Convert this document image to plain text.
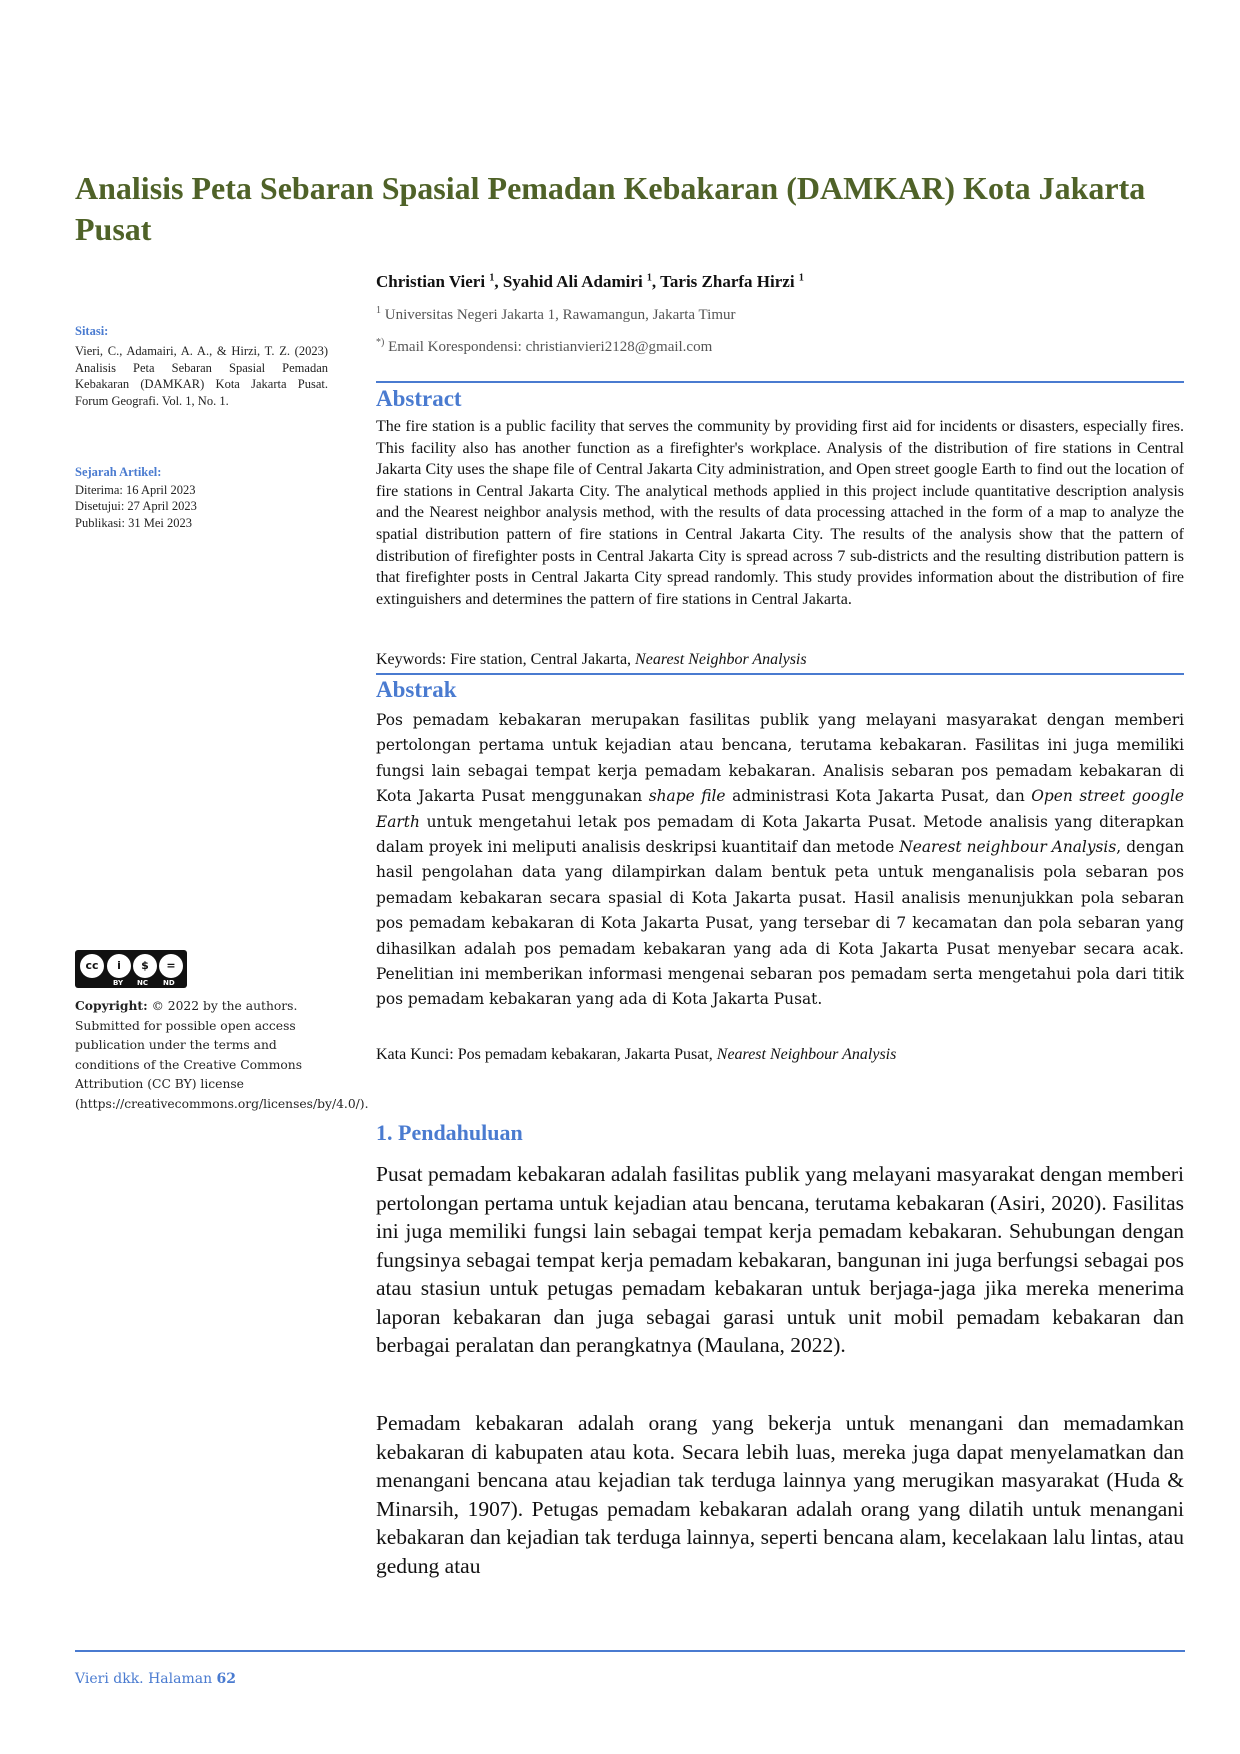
Analisis Peta Sebaran Spasial Pemadan Kebakaran (DAMKAR) Kota Jakarta Pusat
Christian Vieri $^1$, Syahid Ali Adamiri $^1$, Taris Zharfa Hirzi $^1$
$^1$ Universitas Negeri Jakarta 1, Rawamangun, Jakarta Timur
*) Email Korespondensi: christianvieri2128@gmail.com
Sitasi:
Vieri, C., Adamairi, A. A., & Hirzi, T. Z. (2023) Analisis Peta Sebaran Spasial Pemadan Kebakaran (DAMKAR) Kota Jakarta Pusat. Forum Geografi. Vol. 1, No. 1.
Sejarah Artikel:
Diterima: 16 April 2023
Disetujui: 27 April 2023
Publikasi: 31 Mei 2023
cc	i	$	=
BY NC ND
Copyright: © 2022 by the authors. Submitted for possible open access publication under the terms and conditions of the Creative Commons Attribution (CC BY) license (https://creativecommons.org/licenses/by/4.0/).
Abstract
The fire station is a public facility that serves the community by providing first aid for incidents or disasters, especially fires. This facility also has another function as a firefighter's workplace. Analysis of the distribution of fire stations in Central Jakarta City uses the shape file of Central Jakarta City administration, and Open street google Earth to find out the location of fire stations in Central Jakarta City. The analytical methods applied in this project include quantitative description analysis and the Nearest neighbor analysis method, with the results of data processing attached in the form of a map to analyze the spatial distribution pattern of fire stations in Central Jakarta City. The results of the analysis show that the pattern of distribution of firefighter posts in Central Jakarta City is spread across 7 sub-districts and the resulting distribution pattern is that firefighter posts in Central Jakarta City spread randomly. This study provides information about the distribution of fire extinguishers and determines the pattern of fire stations in Central Jakarta.
Keywords: Fire station, Central Jakarta, Nearest Neighbor Analysis
Abstrak
Pos pemadam kebakaran merupakan fasilitas publik yang melayani masyarakat dengan memberi pertolongan pertama untuk kejadian atau bencana, terutama kebakaran. Fasilitas ini juga memiliki fungsi lain sebagai tempat kerja pemadam kebakaran. Analisis sebaran pos pemadam kebakaran di Kota Jakarta Pusat menggunakan shape file administrasi Kota Jakarta Pusat, dan Open street google Earth untuk mengetahui letak pos pemadam di Kota Jakarta Pusat. Metode analisis yang diterapkan dalam proyek ini meliputi analisis deskripsi kuantitaif dan metode Nearest neighbour Analysis, dengan hasil pengolahan data yang dilampirkan dalam bentuk peta untuk menganalisis pola sebaran pos pemadam kebakaran secara spasial di Kota Jakarta pusat. Hasil analisis menunjukkan pola sebaran pos pemadam kebakaran di Kota Jakarta Pusat, yang tersebar di 7 kecamatan dan pola sebaran yang dihasilkan adalah pos pemadam kebakaran yang ada di Kota Jakarta Pusat menyebar secara acak. Penelitian ini memberikan informasi mengenai sebaran pos pemadam serta mengetahui pola dari titik pos pemadam kebakaran yang ada di Kota Jakarta Pusat.
Kata Kunci: Pos pemadam kebakaran, Jakarta Pusat, Nearest Neighbour Analysis
1. Pendahuluan
Pusat pemadam kebakaran adalah fasilitas publik yang melayani masyarakat dengan memberi pertolongan pertama untuk kejadian atau bencana, terutama kebakaran (Asiri, 2020). Fasilitas ini juga memiliki fungsi lain sebagai tempat kerja pemadam kebakaran. Sehubungan dengan fungsinya sebagai tempat kerja pemadam kebakaran, bangunan ini juga berfungsi sebagai pos atau stasiun untuk petugas pemadam kebakaran untuk berjaga-jaga jika mereka menerima laporan kebakaran dan juga sebagai garasi untuk unit mobil pemadam kebakaran dan berbagai peralatan dan perangkatnya (Maulana, 2022).
Pemadam kebakaran adalah orang yang bekerja untuk menangani dan memadamkan kebakaran di kabupaten atau kota. Secara lebih luas, mereka juga dapat menyelamatkan dan menangani bencana atau kejadian tak terduga lainnya yang merugikan masyarakat (Huda & Minarsih, 1907). Petugas pemadam kebakaran adalah orang yang dilatih untuk menangani kebakaran dan kejadian tak terduga lainnya, seperti bencana alam, kecelakaan lalu lintas, atau gedung atau
Vieri dkk. Halaman 62
